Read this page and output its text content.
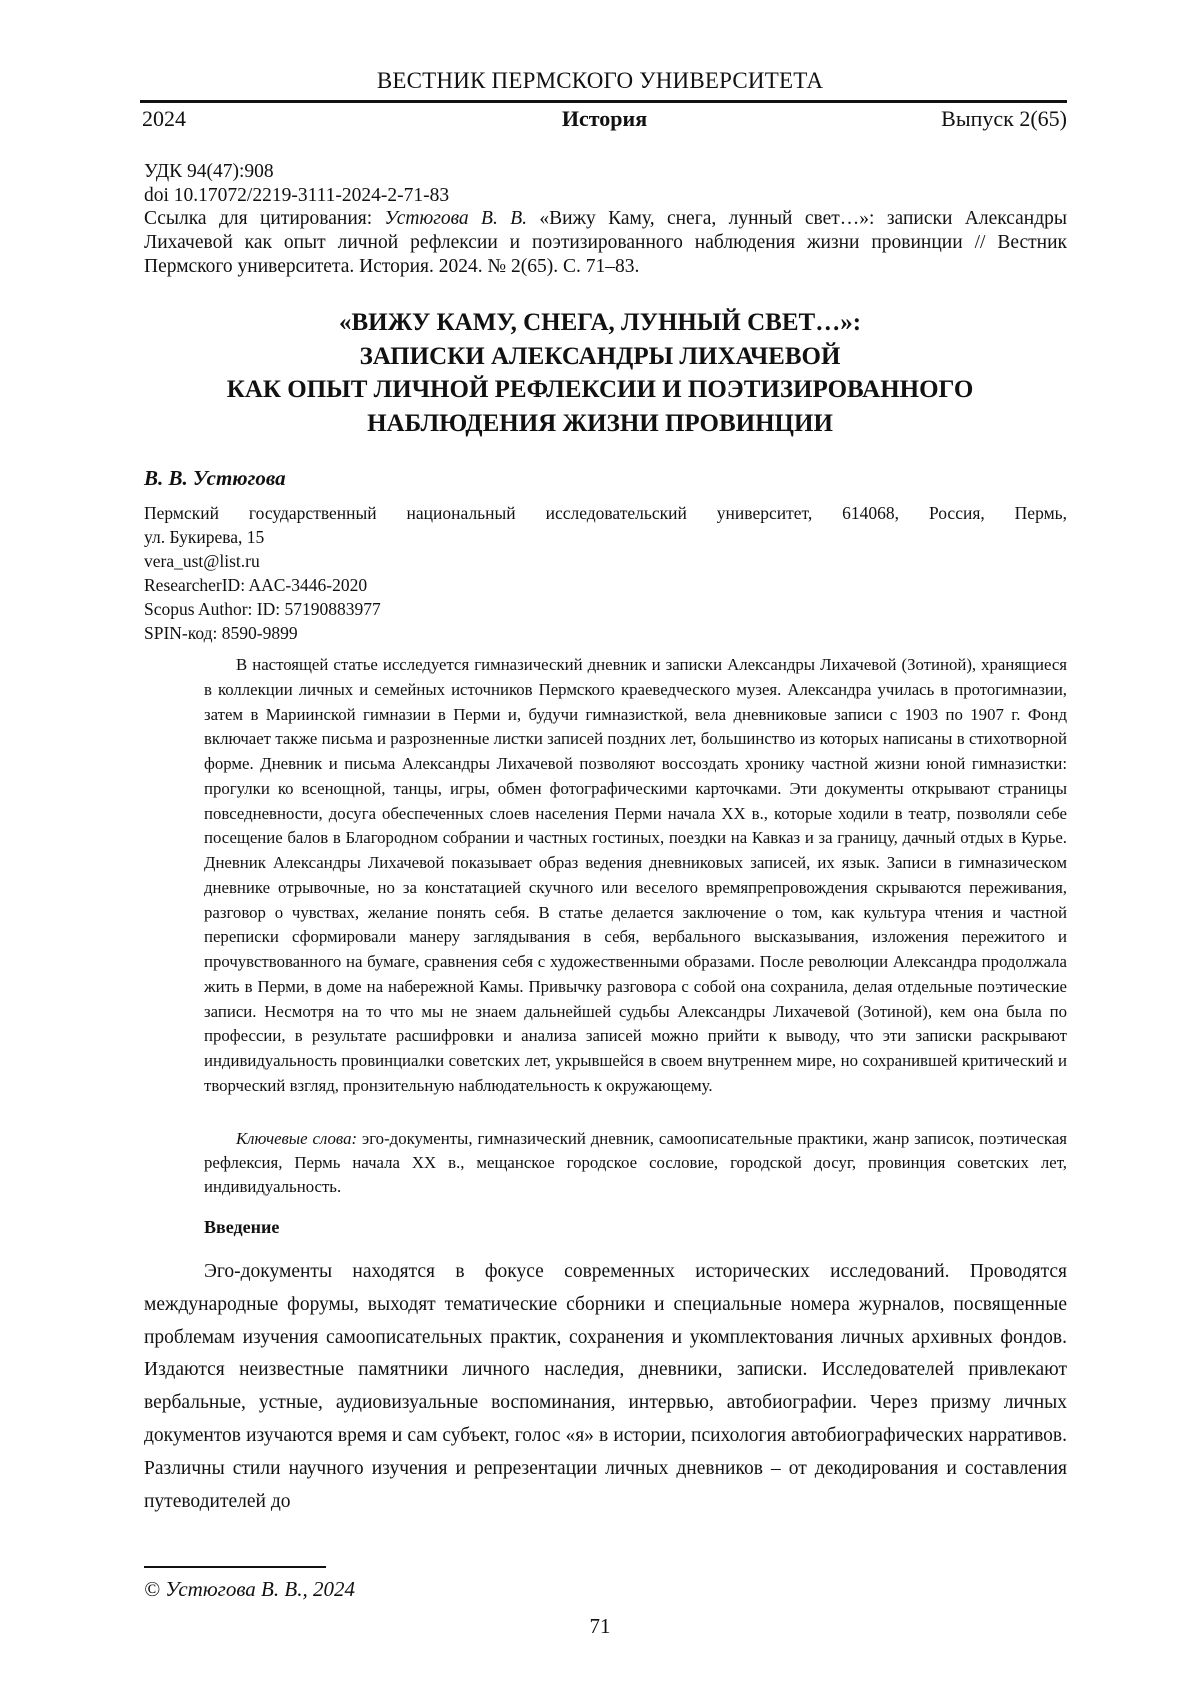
ВЕСТНИК ПЕРМСКОГО УНИВЕРСИТЕТА
2024	История	Выпуск 2(65)
УДК 94(47):908
doi 10.17072/2219-3111-2024-2-71-83
Ссылка для цитирования: Устюгова В. В. «Вижу Каму, снега, лунный свет…»: записки Александры Лихачевой как опыт личной рефлексии и поэтизированного наблюдения жизни провинции // Вестник Пермского университета. История. 2024. № 2(65). С. 71–83.
«ВИЖУ КАМУ, СНЕГА, ЛУННЫЙ СВЕТ…»:
ЗАПИСКИ АЛЕКСАНДРЫ ЛИХАЧЕВОЙ
КАК ОПЫТ ЛИЧНОЙ РЕФЛЕКСИИ И ПОЭТИЗИРОВАННОГО
НАБЛЮДЕНИЯ ЖИЗНИ ПРОВИНЦИИ
В. В. Устюгова
Пермский государственный национальный исследовательский университет, 614068, Россия, Пермь,
ул. Букирева, 15
vera_ust@list.ru
ResearcherID: AAC-3446-2020
Scopus Author: ID: 57190883977
SPIN-код: 8590-9899
В настоящей статье исследуется гимназический дневник и записки Александры Лихачевой (Зотиной), хранящиеся в коллекции личных и семейных источников Пермского краеведческого музея. Александра училась в протогимназии, затем в Мариинской гимназии в Перми и, будучи гимназисткой, вела дневниковые записи с 1903 по 1907 г. Фонд включает также письма и разрозненные листки записей поздних лет, большинство из которых написаны в стихотворной форме. Дневник и письма Александры Лихачевой позволяют воссоздать хронику частной жизни юной гимназистки: прогулки ко всенощной, танцы, игры, обмен фотографическими карточками. Эти документы открывают страницы повседневности, досуга обеспеченных слоев населения Перми начала XX в., которые ходили в театр, позволяли себе посещение балов в Благородном собрании и частных гостиных, поездки на Кавказ и за границу, дачный отдых в Курье. Дневник Александры Лихачевой показывает образ ведения дневниковых записей, их язык. Записи в гимназическом дневнике отрывочные, но за констатацией скучного или веселого времяпрепровождения скрываются переживания, разговор о чувствах, желание понять себя. В статье делается заключение о том, как культура чтения и частной переписки сформировали манеру заглядывания в себя, вербального высказывания, изложения пережитого и прочувствованного на бумаге, сравнения себя с художественными образами. После революции Александра продолжала жить в Перми, в доме на набережной Камы. Привычку разговора с собой она сохранила, делая отдельные поэтические записи. Несмотря на то что мы не знаем дальнейшей судьбы Александры Лихачевой (Зотиной), кем она была по профессии, в результате расшифровки и анализа записей можно прийти к выводу, что эти записки раскрывают индивидуальность провинциалки советских лет, укрывшейся в своем внутреннем мире, но сохранившей критический и творческий взгляд, пронзительную наблюдательность к окружающему.
Ключевые слова: эго-документы, гимназический дневник, самоописательные практики, жанр записок, поэтическая рефлексия, Пермь начала XX в., мещанское городское сословие, городской досуг, провинция советских лет, индивидуальность.
Введение
Эго-документы находятся в фокусе современных исторических исследований. Проводятся международные форумы, выходят тематические сборники и специальные номера журналов, посвященные проблемам изучения самоописательных практик, сохранения и укомплектования личных архивных фондов. Издаются неизвестные памятники личного наследия, дневники, записки. Исследователей привлекают вербальные, устные, аудиовизуальные воспоминания, интервью, автобиографии. Через призму личных документов изучаются время и сам субъект, голос «я» в истории, психология автобиографических нарративов. Различны стили научного изучения и репрезентации личных дневников – от декодирования и составления путеводителей до
© Устюгова В. В., 2024
71
